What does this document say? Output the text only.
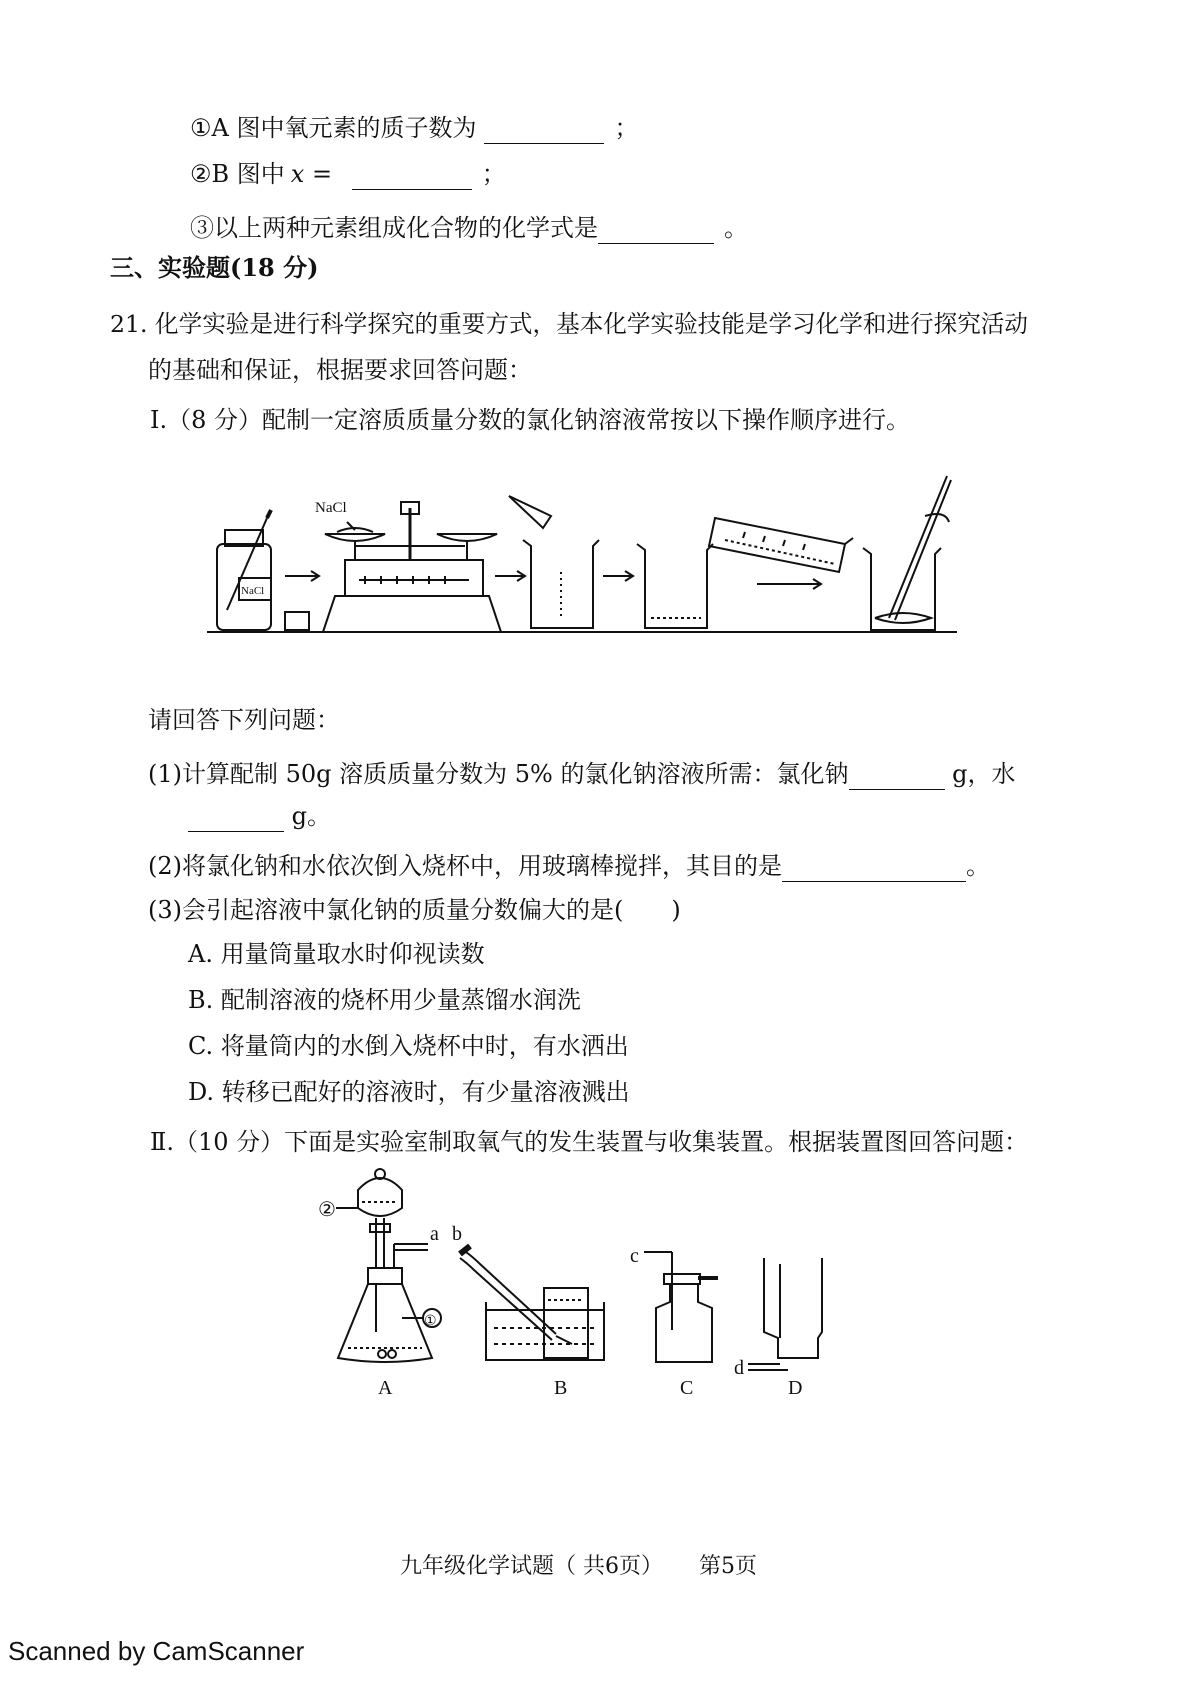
①A 图中氧元素的质子数为	；
②B 图中 x =	；
③以上两种元素组成化合物的化学式是	。
三、实验题(18 分)
21. 化学实验是进行科学探究的重要方式，基本化学实验技能是学习化学和进行探究活动
的基础和保证，根据要求回答问题：
Ⅰ.（8 分）配制一定溶质质量分数的氯化钠溶液常按以下操作顺序进行。
NaCl
NaCl
请回答下列问题：
(1)计算配制 50g 溶质质量分数为 5% 的氯化钠溶液所需：氯化钠	g，水
g。
(2)将氯化钠和水依次倒入烧杯中，用玻璃棒搅拌，其目的是	。
(3)会引起溶液中氯化钠的质量分数偏大的是(　　)
A. 用量筒量取水时仰视读数
B. 配制溶液的烧杯用少量蒸馏水润洗
C. 将量筒内的水倒入烧杯中时，有水洒出
D. 转移已配好的溶液时，有少量溶液溅出
Ⅱ.（10 分）下面是实验室制取氧气的发生装置与收集装置。根据装置图回答问题：
②
①
a b
c
d
A	B	C	D
九年级化学试题（ 共6页） 第5页
Scanned by CamScanner
